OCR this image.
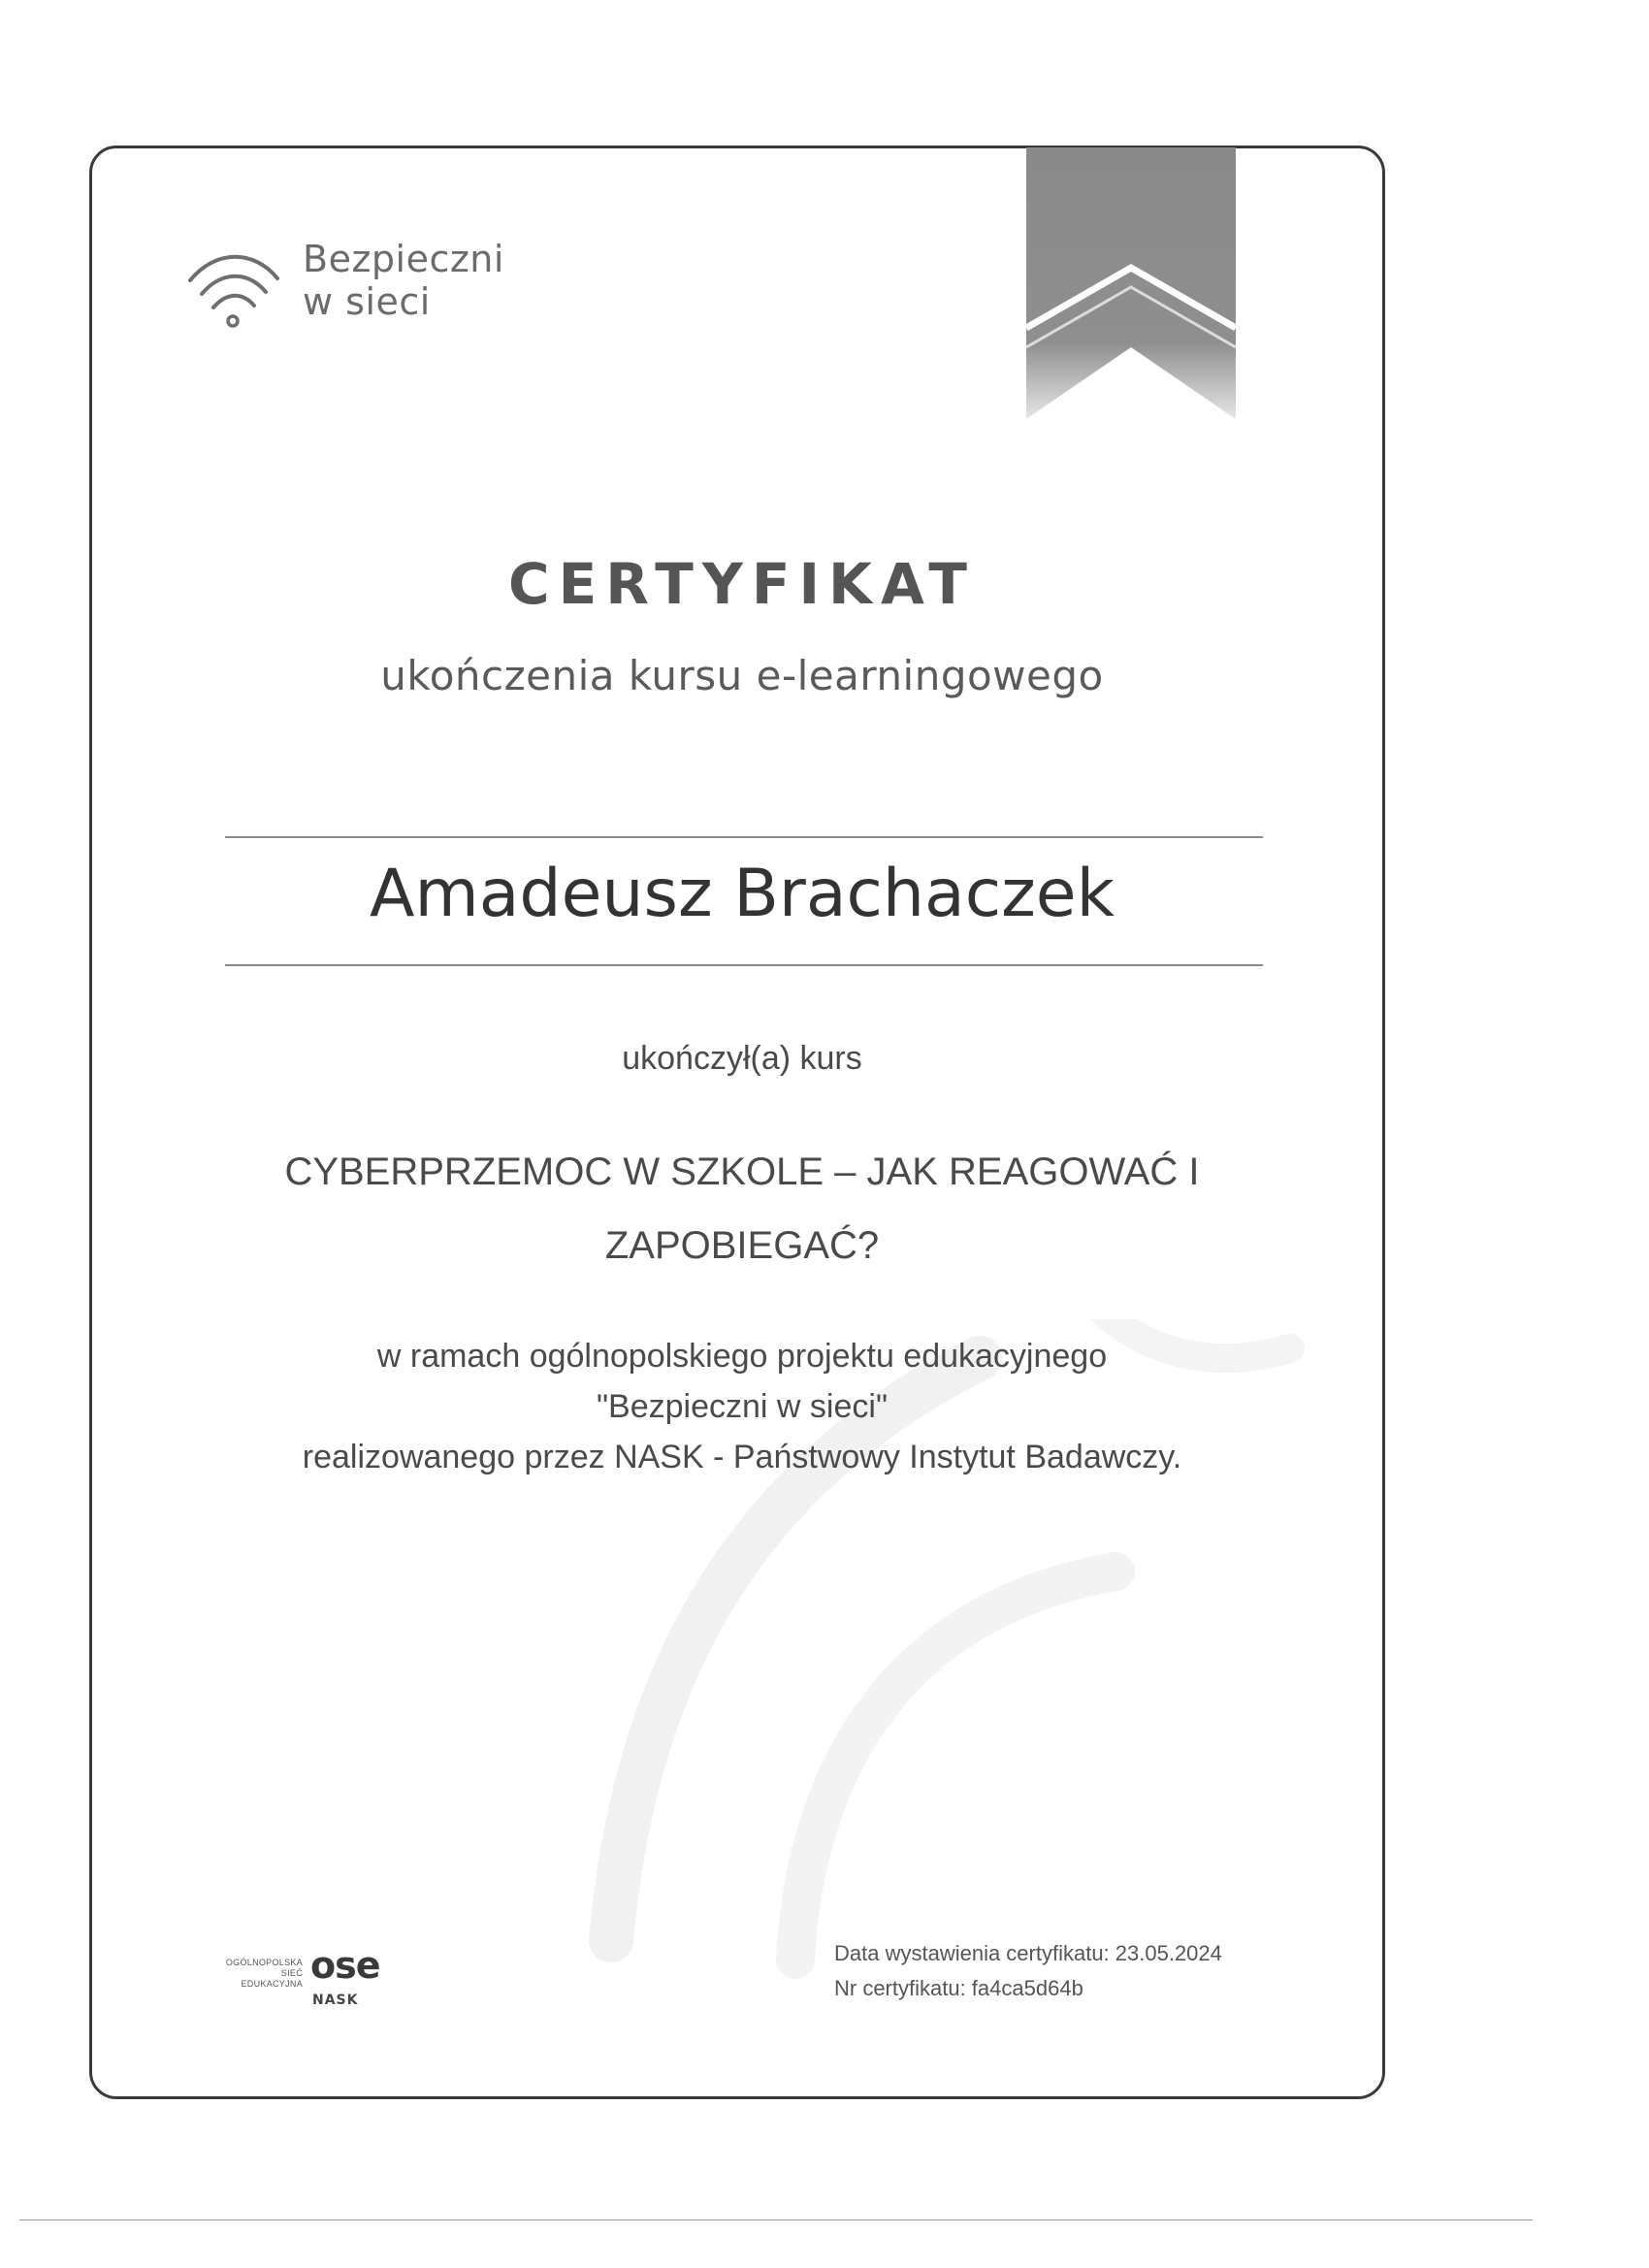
Bezpieczni
w sieci
CERTYFIKAT
ukończenia kursu e-learningowego
Amadeusz Brachaczek
ukończył(a) kurs
CYBERPRZEMOC W SZKOLE – JAK REAGOWAĆ I
ZAPOBIEGAĆ?
w ramach ogólnopolskiego projektu edukacyjnego
"Bezpieczni w sieci"
realizowanego przez NASK - Państwowy Instytut Badawczy.
OGÓLNOPOLSKA
SIEĆ EDUKACYJNA ose
NASK
Data wystawienia certyfikatu: 23.05.2024
Nr certyfikatu: fa4ca5d64b
